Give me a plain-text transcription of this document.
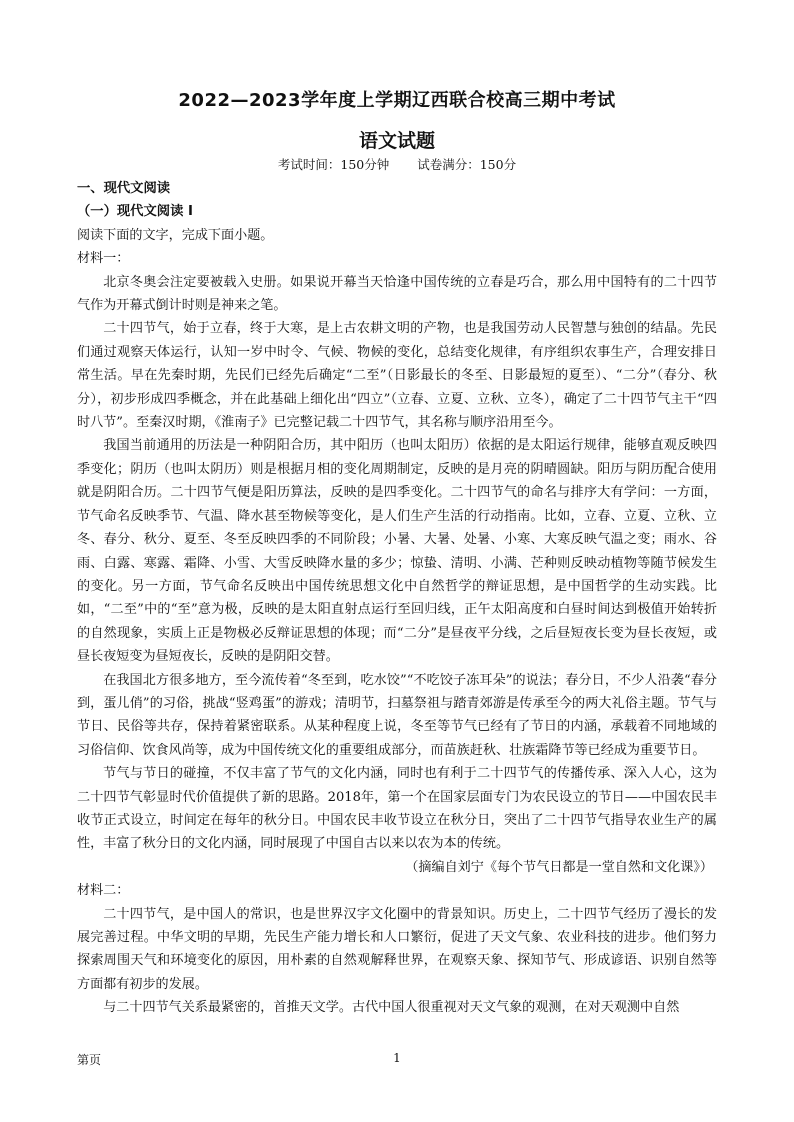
2022—2023学年度上学期辽西联合校高三期中考试
语文试题
考试时间：150分钟 试卷满分：150分

一、现代文阅读

（一）现代文阅读 I

阅读下面的文字，完成下面小题。

材料一：

北京冬奥会注定要被载入史册。如果说开幕当天恰逢中国传统的立春是巧合，那么用中国特有的二十四节气作为开幕式倒计时则是神来之笔。

二十四节气，始于立春，终于大寒，是上古农耕文明的产物，也是我国劳动人民智慧与独创的结晶。先民们通过观察天体运行，认知一岁中时令、气候、物候的变化，总结变化规律，有序组织农事生产，合理安排日常生活。早在先秦时期，先民们已经先后确定“二至”（日影最长的冬至、日影最短的夏至）、“二分”（春分、秋分），初步形成四季概念，并在此基础上细化出“四立”（立春、立夏、立秋、立冬），确定了二十四节气主干“四时八节”。至秦汉时期，《淮南子》已完整记载二十四节气，其名称与顺序沿用至今。

我国当前通用的历法是一种阴阳合历，其中阳历（也叫太阳历）依据的是太阳运行规律，能够直观反映四季变化；阴历（也叫太阴历）则是根据月相的变化周期制定，反映的是月亮的阴晴圆缺。阳历与阴历配合使用就是阴阳合历。二十四节气便是阳历算法，反映的是四季变化。二十四节气的命名与排序大有学问：一方面，节气命名反映季节、气温、降水甚至物候等变化，是人们生产生活的行动指南。比如，立春、立夏、立秋、立冬、春分、秋分、夏至、冬至反映四季的不同阶段；小暑、大暑、处暑、小寒、大寒反映气温之变；雨水、谷雨、白露、寒露、霜降、小雪、大雪反映降水量的多少；惊蛰、清明、小满、芒种则反映动植物等随节候发生的变化。另一方面，节气命名反映出中国传统思想文化中自然哲学的辩证思想，是中国哲学的生动实践。比如，“二至”中的“至”意为极，反映的是太阳直射点运行至回归线，正午太阳高度和白昼时间达到极值开始转折的自然现象，实质上正是物极必反辩证思想的体现；而“二分”是昼夜平分线，之后昼短夜长变为昼长夜短，或昼长夜短变为昼短夜长，反映的是阴阳交替。

在我国北方很多地方，至今流传着“冬至到，吃水饺”“不吃饺子冻耳朵”的说法；春分日，不少人沿袭“春分到，蛋儿俏”的习俗，挑战“竖鸡蛋”的游戏；清明节，扫墓祭祖与踏青郊游是传承至今的两大礼俗主题。节气与节日、民俗等共存，保持着紧密联系。从某种程度上说，冬至等节气已经有了节日的内涵，承载着不同地域的习俗信仰、饮食风尚等，成为中国传统文化的重要组成部分，而苗族赶秋、壮族霜降节等已经成为重要节日。

节气与节日的碰撞，不仅丰富了节气的文化内涵，同时也有利于二十四节气的传播传承、深入人心，这为二十四节气彰显时代价值提供了新的思路。2018年，第一个在国家层面专门为农民设立的节日——中国农民丰收节正式设立，时间定在每年的秋分日。中国农民丰收节设立在秋分日，突出了二十四节气指导农业生产的属性，丰富了秋分日的文化内涵，同时展现了中国自古以来以农为本的传统。

（摘编自刘宁《每个节气日都是一堂自然和文化课》）

材料二：

二十四节气，是中国人的常识，也是世界汉字文化圈中的背景知识。历史上，二十四节气经历了漫长的发展完善过程。中华文明的早期，先民生产能力增长和人口繁衍，促进了天文气象、农业科技的进步。他们努力探索周围天气和环境变化的原因，用朴素的自然观解释世界，在观察天象、探知节气、形成谚语、识别自然等方面都有初步的发展。

与二十四节气关系最紧密的，首推天文学。古代中国人很重视对天文气象的观测，在对天观测中自然

第页	1
